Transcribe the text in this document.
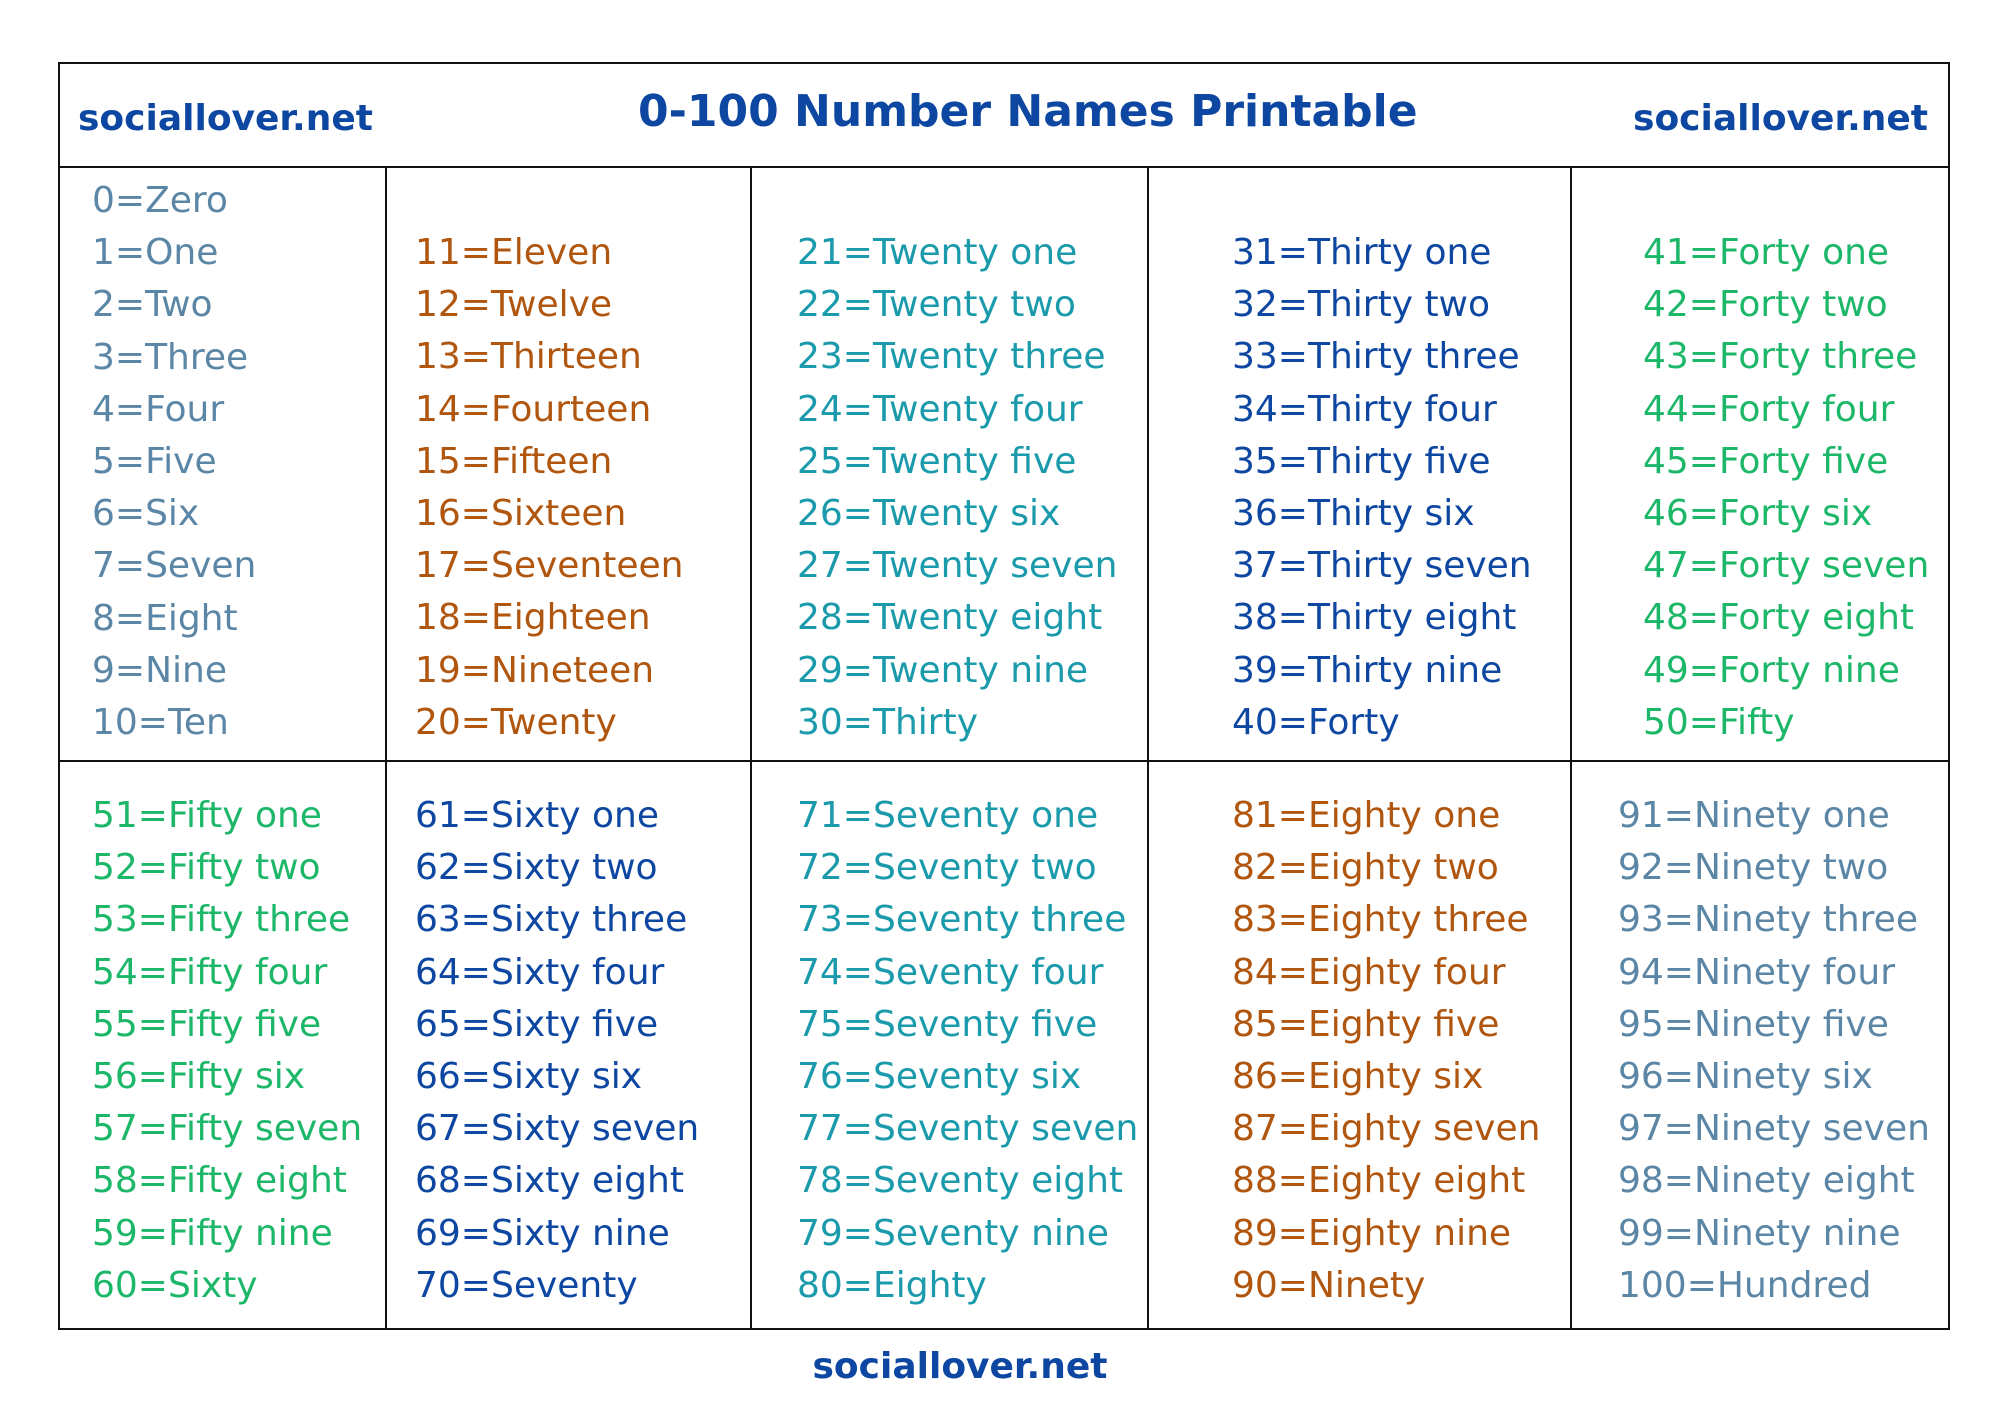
sociallover.net	0-100 Number Names Printable	sociallover.net
0=Zero
1=One
2=Two
3=Three
4=Four
5=Five
6=Six
7=Seven
8=Eight
9=Nine
10=Ten
11=Eleven
12=Twelve
13=Thirteen
14=Fourteen
15=Fifteen
16=Sixteen
17=Seventeen
18=Eighteen
19=Nineteen
20=Twenty
21=Twenty one
22=Twenty two
23=Twenty three
24=Twenty four
25=Twenty five
26=Twenty six
27=Twenty seven
28=Twenty eight
29=Twenty nine
30=Thirty
31=Thirty one
32=Thirty two
33=Thirty three
34=Thirty four
35=Thirty five
36=Thirty six
37=Thirty seven
38=Thirty eight
39=Thirty nine
40=Forty
41=Forty one
42=Forty two
43=Forty three
44=Forty four
45=Forty five
46=Forty six
47=Forty seven
48=Forty eight
49=Forty nine
50=Fifty
51=Fifty one
52=Fifty two
53=Fifty three
54=Fifty four
55=Fifty five
56=Fifty six
57=Fifty seven
58=Fifty eight
59=Fifty nine
60=Sixty
61=Sixty one
62=Sixty two
63=Sixty three
64=Sixty four
65=Sixty five
66=Sixty six
67=Sixty seven
68=Sixty eight
69=Sixty nine
70=Seventy
71=Seventy one
72=Seventy two
73=Seventy three
74=Seventy four
75=Seventy five
76=Seventy six
77=Seventy seven
78=Seventy eight
79=Seventy nine
80=Eighty
81=Eighty one
82=Eighty two
83=Eighty three
84=Eighty four
85=Eighty five
86=Eighty six
87=Eighty seven
88=Eighty eight
89=Eighty nine
90=Ninety
91=Ninety one
92=Ninety two
93=Ninety three
94=Ninety four
95=Ninety five
96=Ninety six
97=Ninety seven
98=Ninety eight
99=Ninety nine
100=Hundred
sociallover.net
